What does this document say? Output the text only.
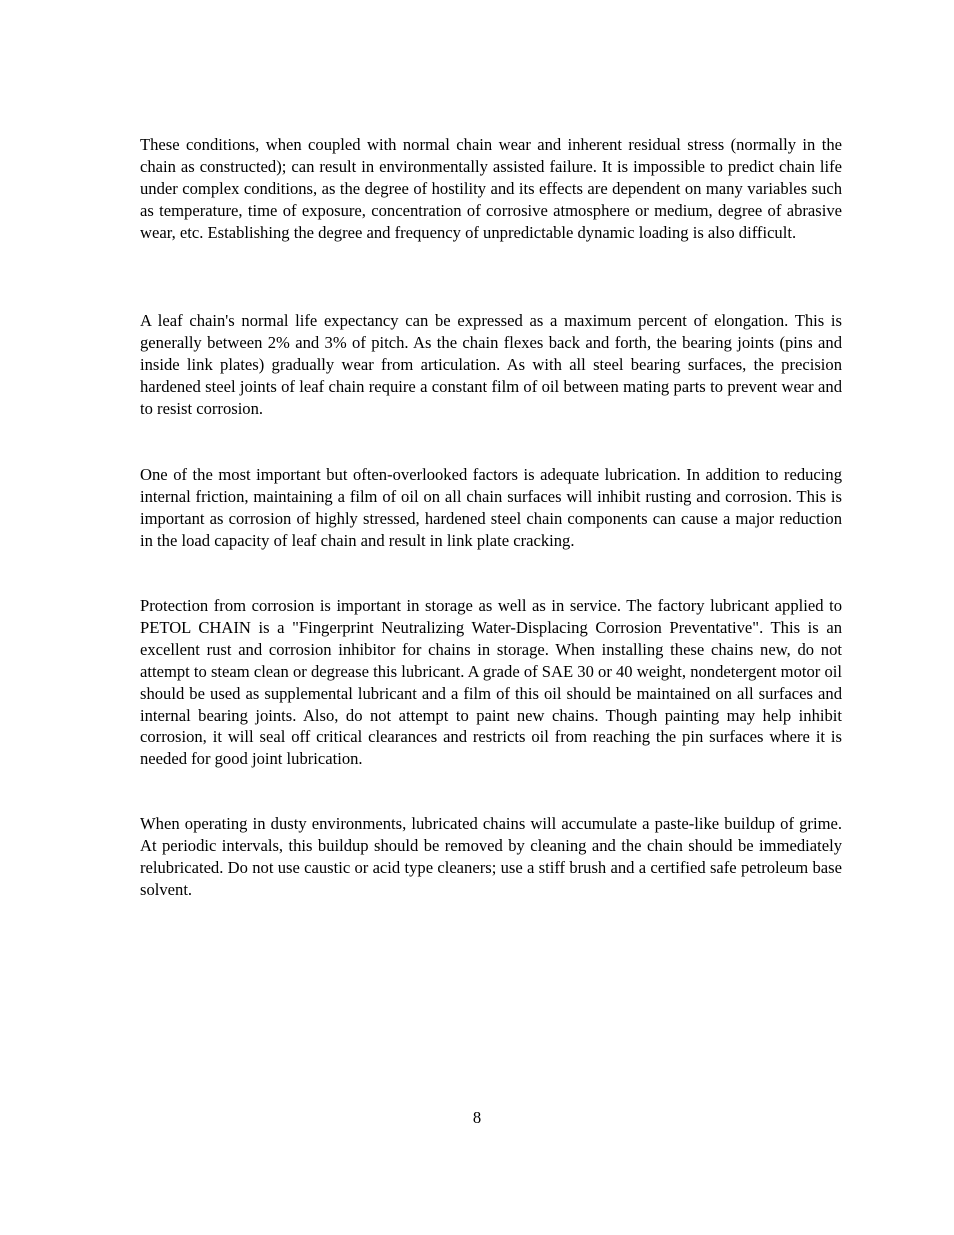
These conditions, when coupled with normal chain wear and inherent residual stress (normally in the chain as constructed); can result in environmentally assisted failure. It is impossible to predict chain life under complex conditions, as the degree of hostility and its effects are dependent on many variables such as temperature, time of exposure, concentration of corrosive atmosphere or medium, degree of abrasive wear, etc. Establishing the degree and frequency of unpredictable dynamic loading is also difficult.

A leaf chain's normal life expectancy can be expressed as a maximum percent of elongation. This is generally between 2% and 3% of pitch. As the chain flexes back and forth, the bearing joints (pins and inside link plates) gradually wear from articulation. As with all steel bearing surfaces, the precision hardened steel joints of leaf chain require a constant film of oil between mating parts to prevent wear and to resist corrosion.

One of the most important but often-overlooked factors is adequate lubrication. In addition to reducing internal friction, maintaining a film of oil on all chain surfaces will inhibit rusting and corrosion. This is important as corrosion of highly stressed, hardened steel chain components can cause a major reduction in the load capacity of leaf chain and result in link plate cracking.

Protection from corrosion is important in storage as well as in service. The factory lubricant applied to PETOL CHAIN is a "Fingerprint Neutralizing Water-Displacing Corrosion Preventative". This is an excellent rust and corrosion inhibitor for chains in storage. When installing these chains new, do not attempt to steam clean or degrease this lubricant. A grade of SAE 30 or 40 weight, nondetergent motor oil should be used as supplemental lubricant and a film of this oil should be maintained on all surfaces and internal bearing joints. Also, do not attempt to paint new chains. Though painting may help inhibit corrosion, it will seal off critical clearances and restricts oil from reaching the pin surfaces where it is needed for good joint lubrication.

When operating in dusty environments, lubricated chains will accumulate a paste-like buildup of grime. At periodic intervals, this buildup should be removed by cleaning and the chain should be immediately relubricated. Do not use caustic or acid type cleaners; use a stiff brush and a certified safe petroleum base solvent.

8
